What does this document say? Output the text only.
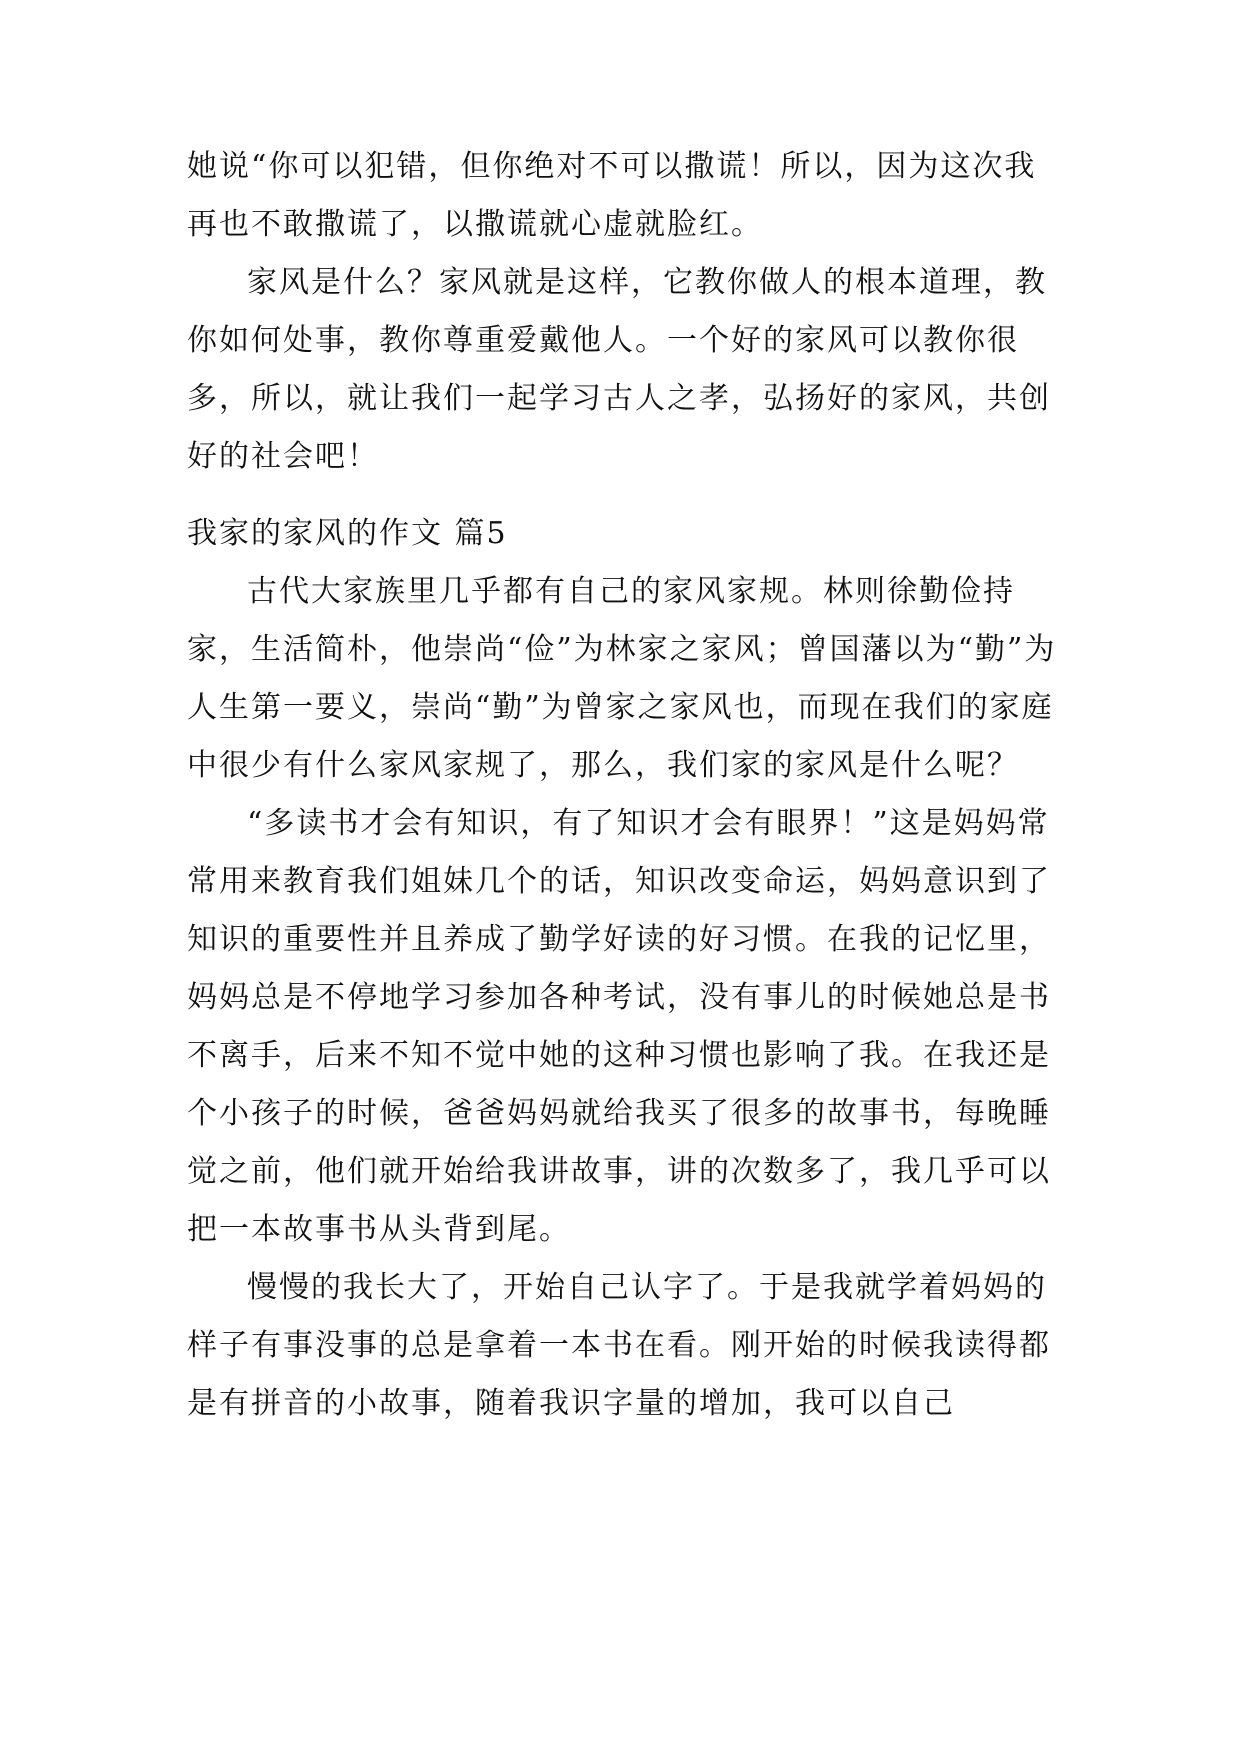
她说“你可以犯错，但你绝对不可以撒谎！所以，因为这次我再也不敢撒谎了，以撒谎就心虚就脸红。

家风是什么？家风就是这样，它教你做人的根本道理，教你如何处事，教你尊重爱戴他人。一个好的家风可以教你很多，所以，就让我们一起学习古人之孝，弘扬好的家风，共创好的社会吧！

我家的家风的作文 篇5

古代大家族里几乎都有自己的家风家规。林则徐勤俭持家，生活简朴，他崇尚“俭”为林家之家风；曾国藩以为“勤”为人生第一要义，崇尚“勤”为曾家之家风也，而现在我们的家庭中很少有什么家风家规了，那么，我们家的家风是什么呢？

“多读书才会有知识，有了知识才会有眼界！”这是妈妈常常用来教育我们姐妹几个的话，知识改变命运，妈妈意识到了知识的重要性并且养成了勤学好读的好习惯。在我的记忆里，妈妈总是不停地学习参加各种考试，没有事儿的时候她总是书不离手，后来不知不觉中她的这种习惯也影响了我。在我还是个小孩子的时候，爸爸妈妈就给我买了很多的故事书，每晚睡觉之前，他们就开始给我讲故事，讲的次数多了，我几乎可以把一本故事书从头背到尾。

慢慢的我长大了，开始自己认字了。于是我就学着妈妈的样子有事没事的总是拿着一本书在看。刚开始的时候我读得都是有拼音的小故事，随着我识字量的增加，我可以自己
